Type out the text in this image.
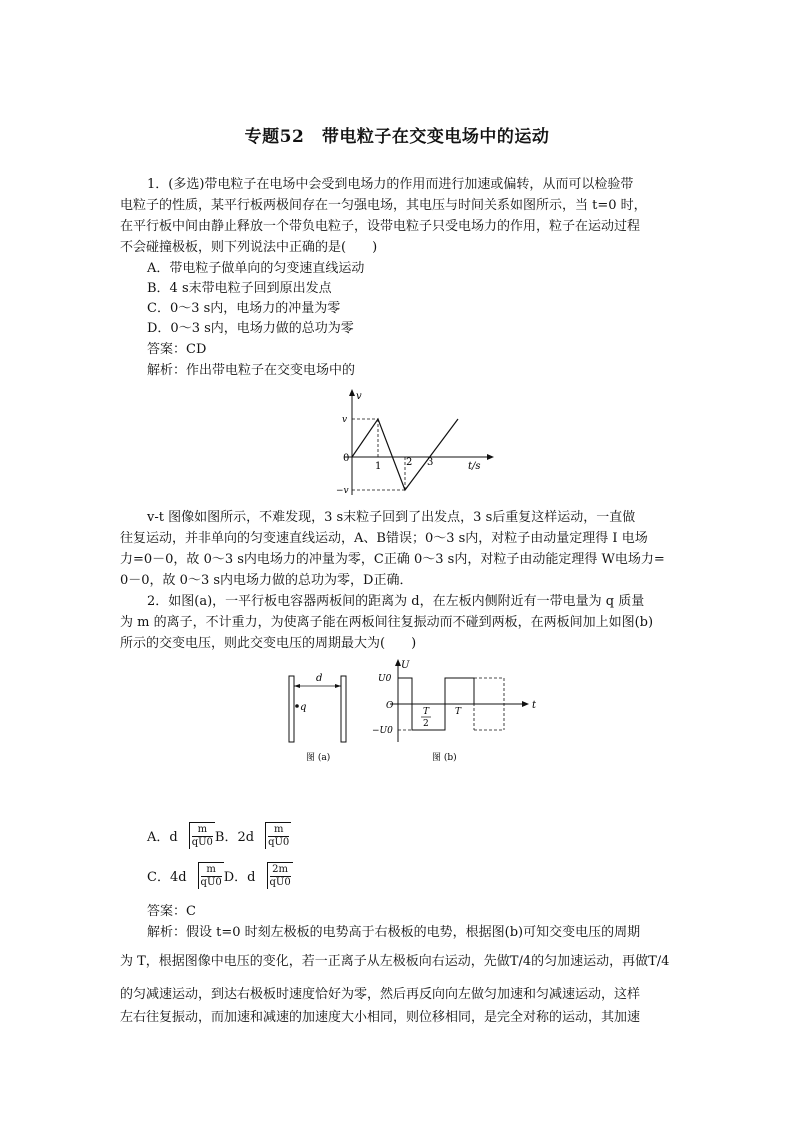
专题52　带电粒子在交变电场中的运动
1．(多选)带电粒子在电场中会受到电场力的作用而进行加速或偏转，从而可以检验带
电粒子的性质，某平行板两极间存在一匀强电场，其电压与时间关系如图所示，当 t=0 时，
在平行板中间由静止释放一个带负电粒子，设带电粒子只受电场力的作用，粒子在运动过程
不会碰撞极板，则下列说法中正确的是(　　)
A．带电粒子做单向的匀变速直线运动
B．4 s末带电粒子回到原出发点
C．0～3 s内，电场力的冲量为零
D．0～3 s内，电场力做的总功为零
答案：CD
解析：作出带电粒子在交变电场中的
v
v
−v
0
1 2 3	t/s
v-t 图像如图所示，不难发现，3 s末粒子回到了出发点，3 s后重复这样运动，一直做
往复运动，并非单向的匀变速直线运动，A、B错误；0～3 s内，对粒子由动量定理得 I 电场
力=0－0，故 0～3 s内电场力的冲量为零，C正确 0～3 s内，对粒子由动能定理得 W电场力=
0－0，故 0～3 s内电场力做的总功为零，D正确．
2．如图(a)，一平行板电容器两板间的距离为 d，在左板内侧附近有一带电量为 q 质量
为 m 的离子，不计重力，为使离子能在两板间往复振动而不碰到两板，在两板间加上如图(b)
所示的交变电压，则此交变电压的周期最大为(　　)
d
q
图 (a)
U
t
U0
−U0
O
T
2
T
图 (b)
A．d $\frac{m}{qU0}$ B．$2d \frac{m}{qU0}$
C．$4d \frac{m}{qU0}$ D．d $\frac{2m}{qU0}$
答案：C
解析：假设 t=0 时刻左极板的电势高于右极板的电势，根据图(b)可知交变电压的周期
为 T，根据图像中电压的变化，若一正离子从左极板向右运动，先做T/4的匀加速运动，再做T/4
的匀减速运动，到达右极板时速度恰好为零，然后再反向向左做匀加速和匀减速运动，这样
左右往复振动，而加速和减速的加速度大小相同，则位移相同，是完全对称的运动，其加速
